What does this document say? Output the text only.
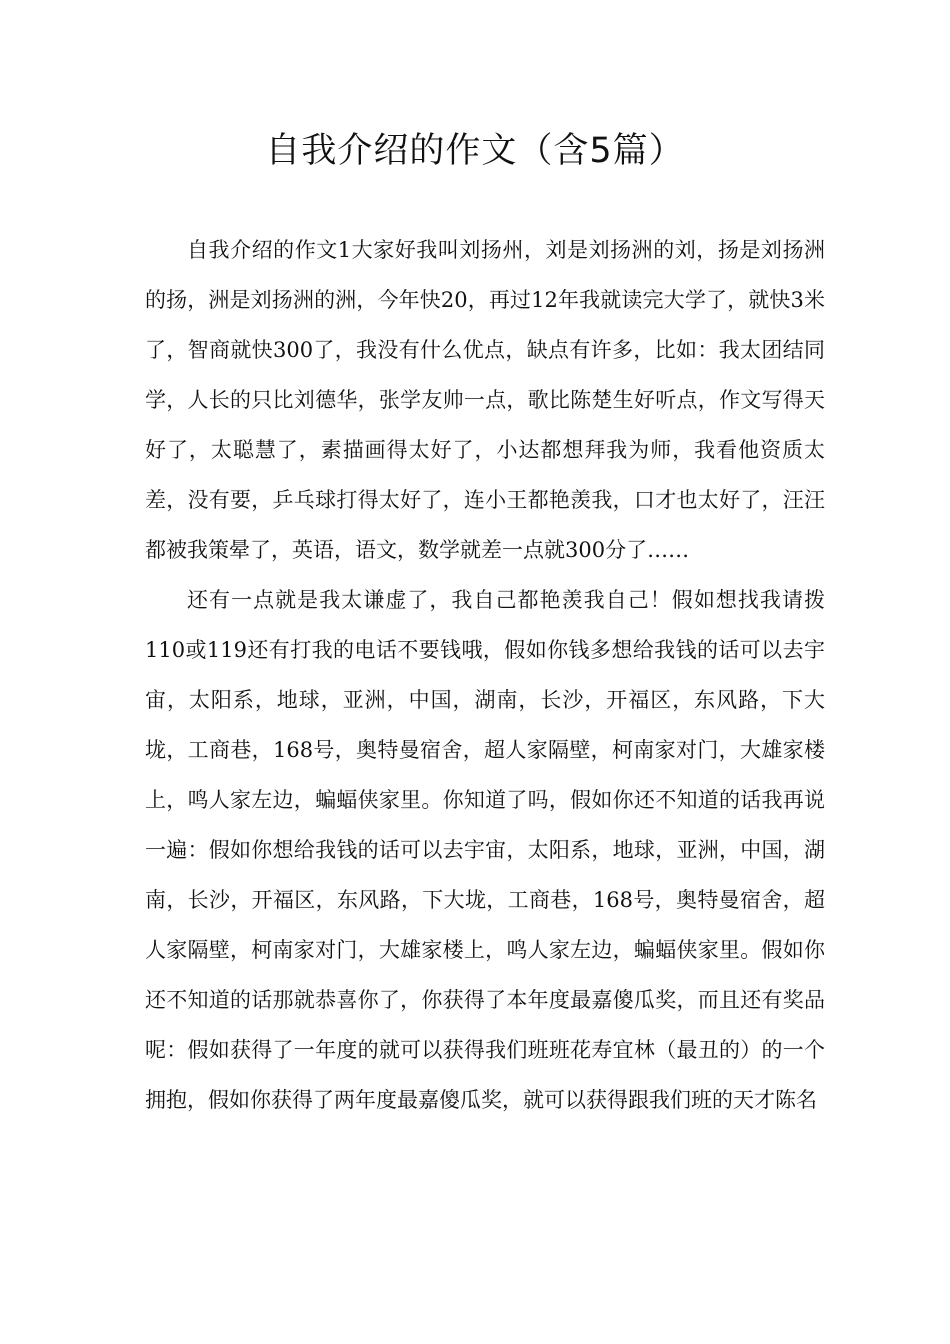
自我介绍的作文（含5篇）

自我介绍的作文1大家好我叫刘扬州，刘是刘扬洲的刘，扬是刘扬洲的扬，洲是刘扬洲的洲，今年快20，再过12年我就读完大学了，就快3米了，智商就快300了，我没有什么优点，缺点有许多，比如：我太团结同学，人长的只比刘德华，张学友帅一点，歌比陈楚生好听点，作文写得天好了，太聪慧了，素描画得太好了，小达都想拜我为师，我看他资质太差，没有要，乒乓球打得太好了，连小王都艳羡我，口才也太好了，汪汪都被我策晕了，英语，语文，数学就差一点就300分了……

还有一点就是我太谦虚了，我自己都艳羡我自己！假如想找我请拨110或119还有打我的电话不要钱哦，假如你钱多想给我钱的话可以去宇宙，太阳系，地球，亚洲，中国，湖南，长沙，开福区，东风路，下大垅，工商巷，168号，奥特曼宿舍，超人家隔壁，柯南家对门，大雄家楼上，鸣人家左边，蝙蝠侠家里。你知道了吗，假如你还不知道的话我再说一遍：假如你想给我钱的话可以去宇宙，太阳系，地球，亚洲，中国，湖南，长沙，开福区，东风路，下大垅，工商巷，168号，奥特曼宿舍，超人家隔壁，柯南家对门，大雄家楼上，鸣人家左边，蝙蝠侠家里。假如你还不知道的话那就恭喜你了，你获得了本年度最嘉傻瓜奖，而且还有奖品呢：假如获得了一年度的就可以获得我们班班花寿宜林（最丑的）的一个拥抱，假如你获得了两年度最嘉傻瓜奖，就可以获得跟我们班的天才陈名
